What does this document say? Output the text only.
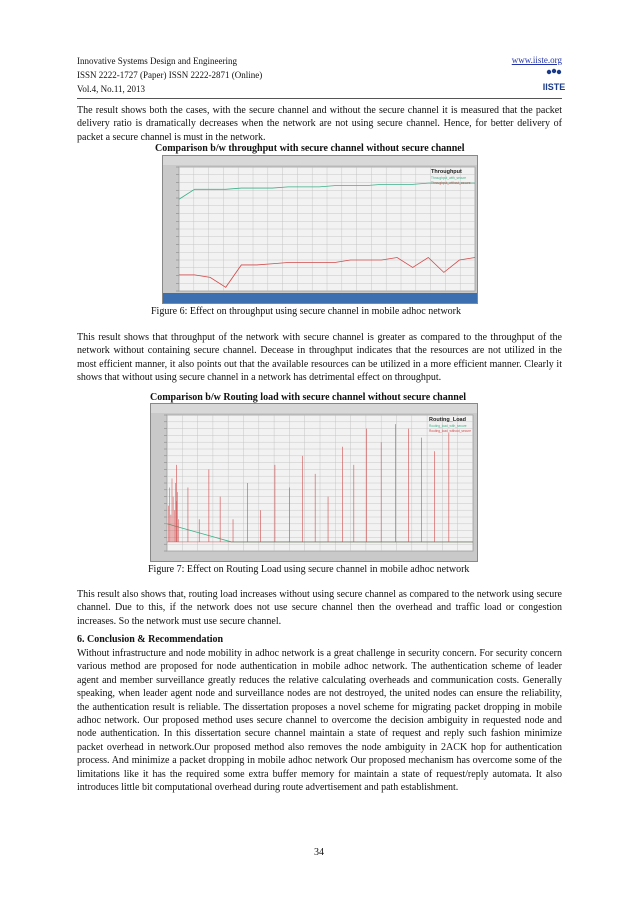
Innovative Systems Design and Engineering
ISSN 2222-1727 (Paper) ISSN 2222-2871 (Online)
Vol.4, No.11, 2013
www.iiste.org
IISTE
The result shows both the cases, with the secure channel and without the secure channel it is measured that the packet delivery ratio is dramatically decreases when the network are not using secure channel. Hence, for better delivery of packet a secure channel is must in the network.
Comparison b/w throughput with secure channel without secure channel
Throughput
Throughput_with_secure
Throughput_without_secure
Figure 6: Effect on throughput using secure channel in mobile adhoc network
This result shows that throughput of the network with secure channel is greater as compared to the throughput of the network without containing secure channel. Decease in throughput indicates that the resources are not utilized in the most efficient manner, it also points out that the available resources can be utilized in a more efficient manner. Clearly it shows that without using secure channel in a network has detrimental effect on throughput.
Comparison b/w Routing load with secure channel without secure channel
Routing_Load
Routing_load_with_secure
Routing_load_without_secure
Figure 7: Effect on Routing Load using secure channel in mobile adhoc network
This result also shows that, routing load increases without using secure channel as compared to the network using secure channel. Due to this, if the network does not use secure channel then the overhead and traffic load or congestion increases. So the network must use secure channel.
6. Conclusion & Recommendation
Without infrastructure and node mobility in adhoc network is a great challenge in security concern. For security concern various method are proposed for node authentication in mobile adhoc network. The authentication scheme of leader agent and member surveillance greatly reduces the relative calculating overheads and communication costs. Generally speaking, when leader agent node and surveillance nodes are not destroyed, the united nodes can ensure the reliability, the authentication result is reliable. The dissertation proposes a novel scheme for migrating packet dropping in mobile adhoc network. Our proposed method uses secure channel to overcome the decision ambiguity in requested node and node authentication. In this dissertation secure channel maintain a state of request and reply such fashion minimize packet overhead in network.Our proposed method also removes the node ambiguity in 2ACK hop for authentication process. And minimize a packet dropping in mobile adhoc network Our proposed mechanism has overcome some of the limitations like it has the required some extra buffer memory for maintain a state of request/reply automata. It also introduces little bit computational overhead during route advertisement and path establishment.
34
